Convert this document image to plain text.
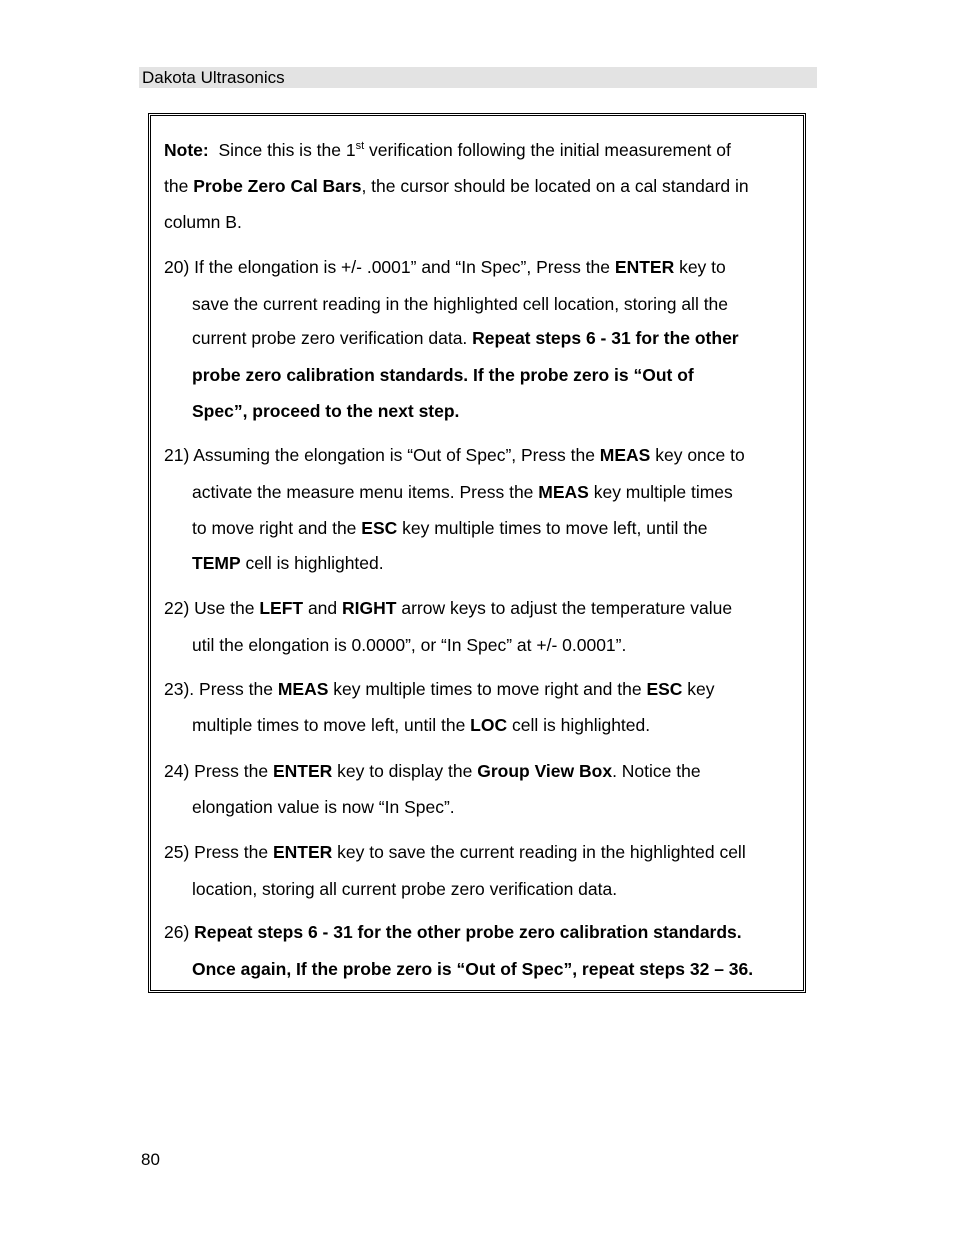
Dakota Ultrasonics
Note: Since this is the 1st verification following the initial measurement of
the Probe Zero Cal Bars, the cursor should be located on a cal standard in
column B.
20) If the elongation is +/- .0001” and “In Spec”, Press the ENTER key to
save the current reading in the highlighted cell location, storing all the
current probe zero verification data. Repeat steps 6 - 31 for the other
probe zero calibration standards. If the probe zero is “Out of
Spec”, proceed to the next step.
21) Assuming the elongation is “Out of Spec”, Press the MEAS key once to
activate the measure menu items. Press the MEAS key multiple times
to move right and the ESC key multiple times to move left, until the
TEMP cell is highlighted.
22) Use the LEFT and RIGHT arrow keys to adjust the temperature value
util the elongation is 0.0000”, or “In Spec” at +/- 0.0001”.
23). Press the MEAS key multiple times to move right and the ESC key
multiple times to move left, until the LOC cell is highlighted.
24) Press the ENTER key to display the Group View Box. Notice the
elongation value is now “In Spec”.
25) Press the ENTER key to save the current reading in the highlighted cell
location, storing all current probe zero verification data.
26) Repeat steps 6 - 31 for the other probe zero calibration standards.
Once again, If the probe zero is “Out of Spec”, repeat steps 32 – 36.
80
